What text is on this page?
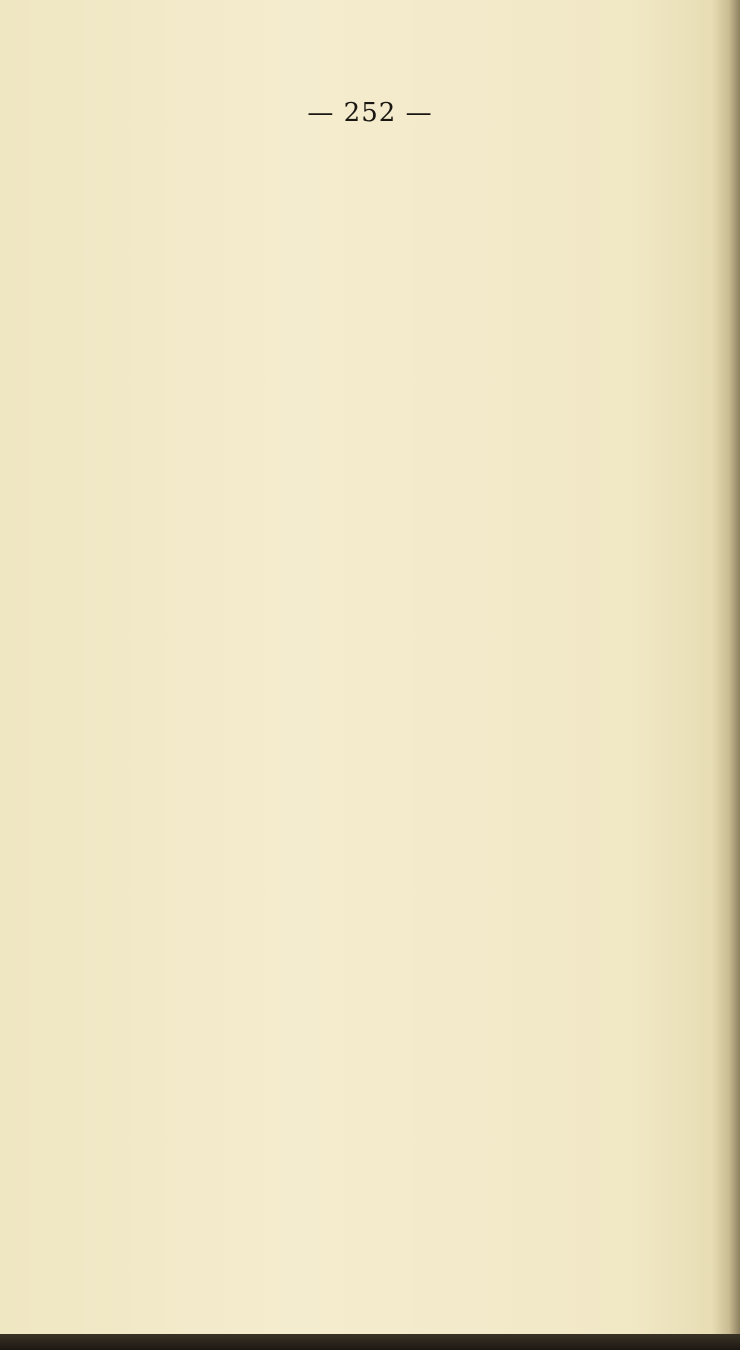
— 252 —
